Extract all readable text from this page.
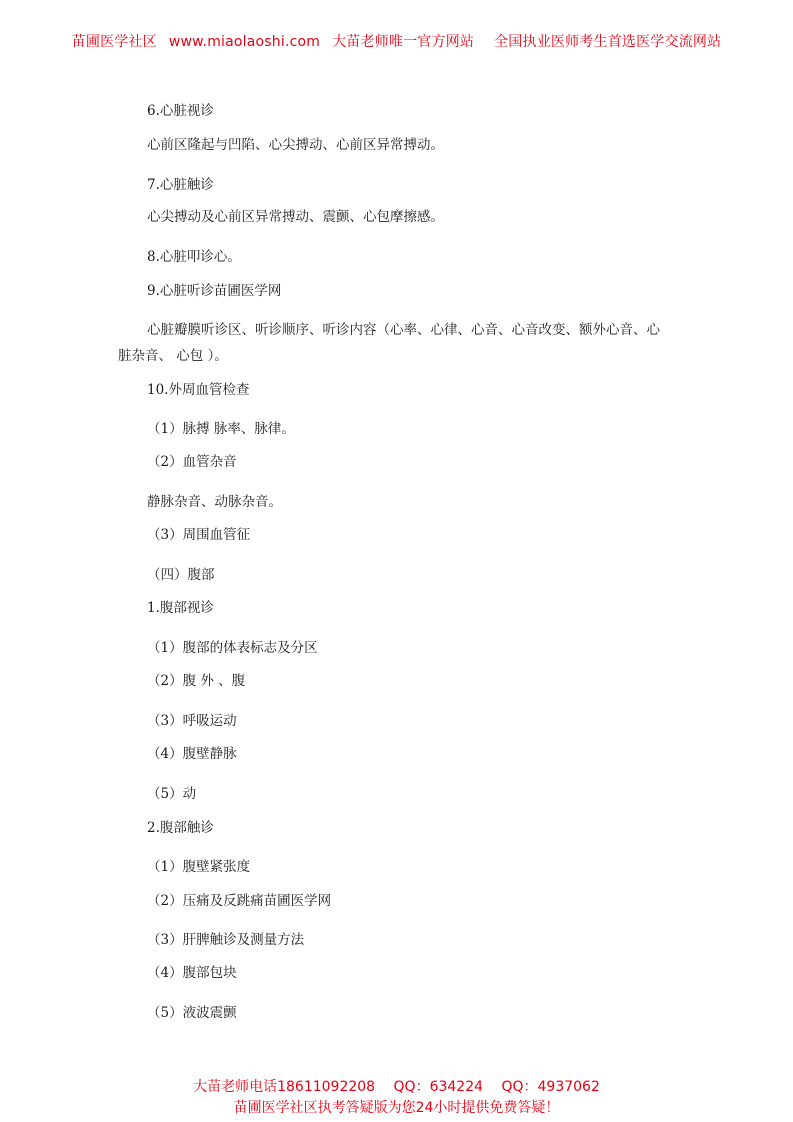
苗圃医学社区 www.miaolaoshi.com 大苗老师唯一官方网站 全国执业医师考生首选医学交流网站
6.心脏视诊
心前区隆起与凹陷、心尖搏动、心前区异常搏动。
7.心脏触诊
心尖搏动及心前区异常搏动、震颤、心包摩擦感。
8.心脏叩诊心。
9.心脏听诊苗圃医学网
心脏瓣膜听诊区、听诊顺序、听诊内容（心率、心律、心音、心音改变、额外心音、心
脏杂音、 心包 ）。
10.外周血管检查
（1）脉搏 脉率、脉律。
（2）血管杂音
静脉杂音、动脉杂音。
（3）周围血管征
（四）腹部
1.腹部视诊
（1）腹部的体表标志及分区
（2）腹 外 、腹
（3）呼吸运动
（4）腹壁静脉
（5）动
2.腹部触诊
（1）腹壁紧张度
（2）压痛及反跳痛苗圃医学网
（3）肝脾触诊及测量方法
（4）腹部包块
（5）液波震颤
大苗老师电话18611092208　 QQ：634224　 QQ：4937062
苗圃医学社区执考答疑版为您24小时提供免费答疑！
